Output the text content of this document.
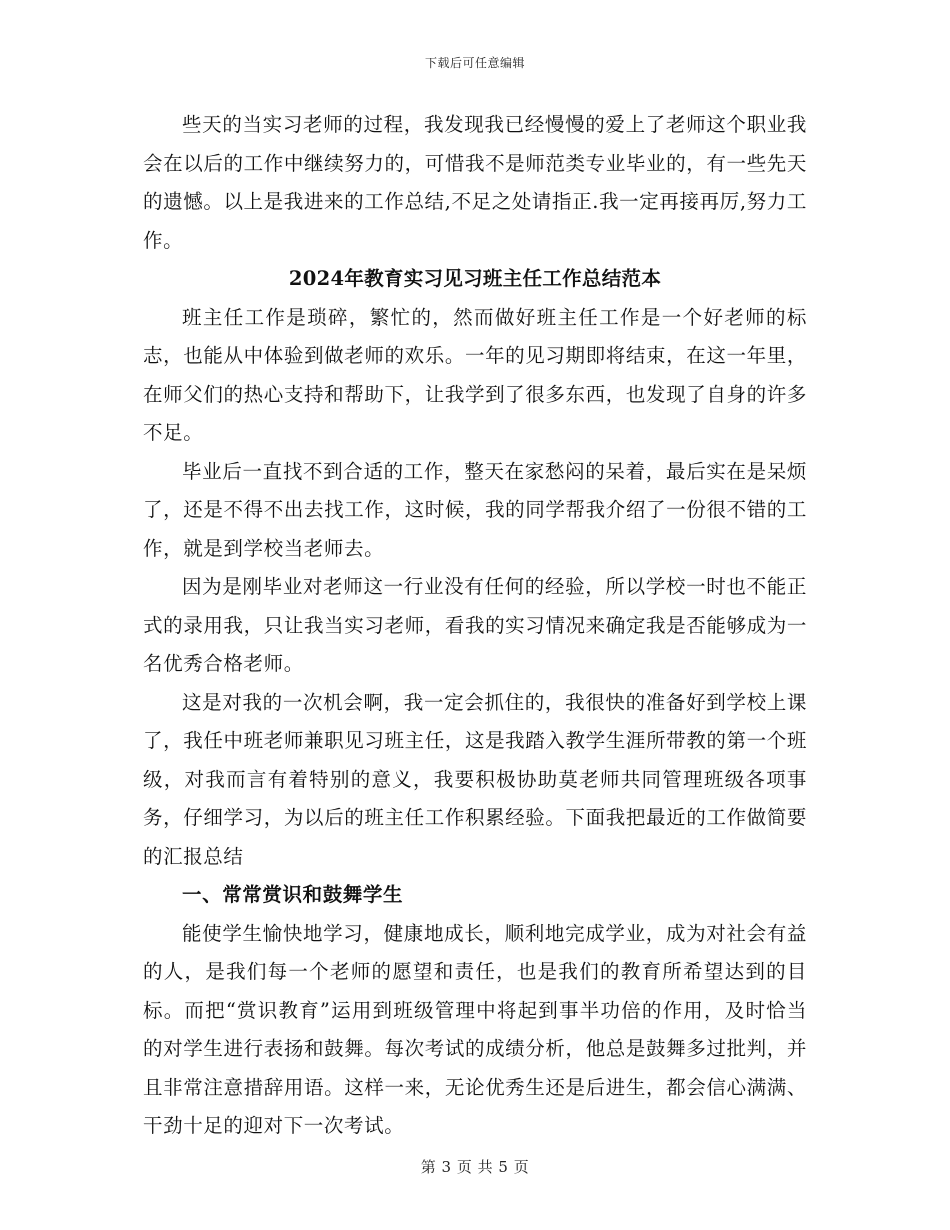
下载后可任意编辑

些天的当实习老师的过程，我发现我已经慢慢的爱上了老师这个职业我会在以后的工作中继续努力的，可惜我不是师范类专业毕业的，有一些先天的遗憾。以上是我进来的工作总结,不足之处请指正.我一定再接再厉,努力工作。

2024年教育实习见习班主任工作总结范本

班主任工作是琐碎，繁忙的，然而做好班主任工作是一个好老师的标志，也能从中体验到做老师的欢乐。一年的见习期即将结束，在这一年里，在师父们的热心支持和帮助下，让我学到了很多东西，也发现了自身的许多不足。

毕业后一直找不到合适的工作，整天在家愁闷的呆着，最后实在是呆烦了，还是不得不出去找工作，这时候，我的同学帮我介绍了一份很不错的工作，就是到学校当老师去。

因为是刚毕业对老师这一行业没有任何的经验，所以学校一时也不能正式的录用我，只让我当实习老师，看我的实习情况来确定我是否能够成为一名优秀合格老师。

这是对我的一次机会啊，我一定会抓住的，我很快的准备好到学校上课了，我任中班老师兼职见习班主任，这是我踏入教学生涯所带教的第一个班级，对我而言有着特别的意义，我要积极协助莫老师共同管理班级各项事务，仔细学习，为以后的班主任工作积累经验。下面我把最近的工作做简要的汇报总结

一、常常赏识和鼓舞学生

能使学生愉快地学习，健康地成长，顺利地完成学业，成为对社会有益的人，是我们每一个老师的愿望和责任，也是我们的教育所希望达到的目标。而把“赏识教育”运用到班级管理中将起到事半功倍的作用，及时恰当的对学生进行表扬和鼓舞。每次考试的成绩分析，他总是鼓舞多过批判，并且非常注意措辞用语。这样一来，无论优秀生还是后进生，都会信心满满、干劲十足的迎对下一次考试。

第 3 页 共 5 页
